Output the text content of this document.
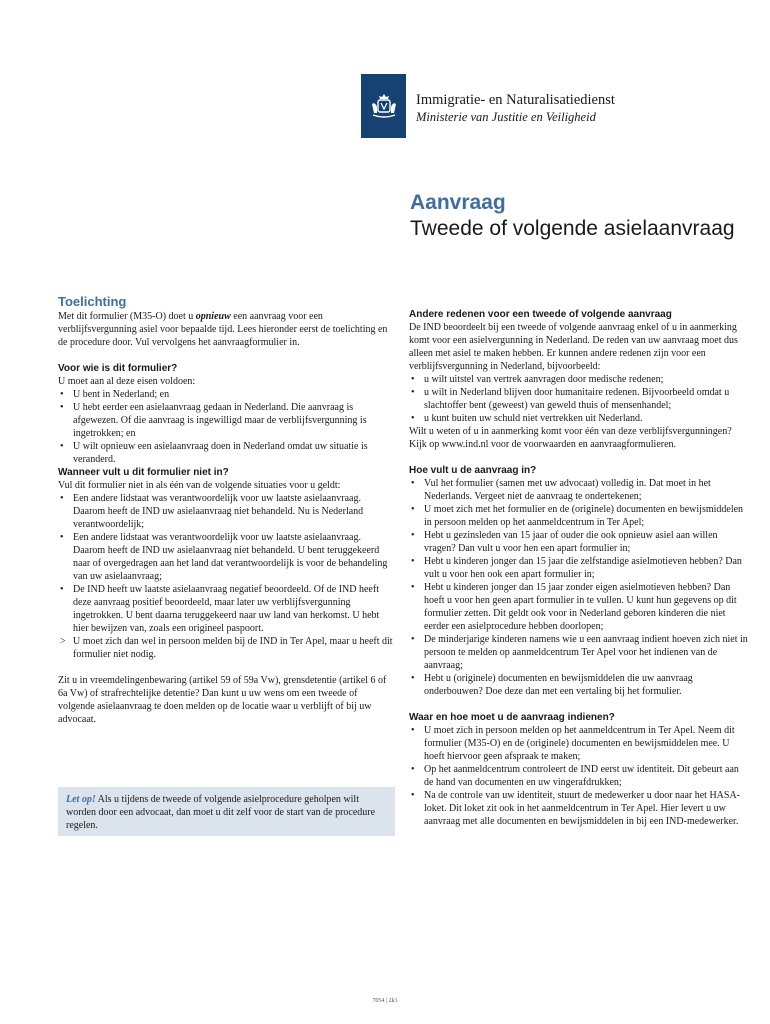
Immigratie- en Naturalisatiedienst
Ministerie van Justitie en Veiligheid
Aanvraag
Tweede of volgende asielaanvraag
Toelichting

Met dit formulier (M35-O) doet u opnieuw een aanvraag voor een verblijfsvergunning asiel voor bepaalde tijd. Lees hieronder eerst de toelichting en de procedure door. Vul vervolgens het aanvraagformulier in.

Voor wie is dit formulier?

U moet aan al deze eisen voldoen:

• U bent in Nederland; en
• U hebt eerder een asielaanvraag gedaan in Nederland. Die aanvraag is afgewezen. Of die aanvraag is ingewilligd maar de verblijfsvergunning is ingetrokken; en
• U wilt opnieuw een asielaanvraag doen in Nederland omdat uw situatie is veranderd.
Wanneer vult u dit formulier niet in?

Vul dit formulier niet in als één van de volgende situaties voor u geldt:

• Een andere lidstaat was verantwoordelijk voor uw laatste asielaanvraag. Daarom heeft de IND uw asielaanvraag niet behandeld. Nu is Nederland verantwoordelijk;
• Een andere lidstaat was verantwoordelijk voor uw laatste asielaanvraag. Daarom heeft de IND uw asielaanvraag niet behandeld. U bent teruggekeerd naar of overgedragen aan het land dat verantwoordelijk is voor de behandeling van uw asielaanvraag;
• De IND heeft uw laatste asielaanvraag negatief beoordeeld. Of de IND heeft deze aanvraag positief beoordeeld, maar later uw verblijfsvergunning ingetrokken. U bent daarna teruggekeerd naar uw land van herkomst. U hebt hier bewijzen van, zoals een origineel paspoort.
> U moet zich dan wel in persoon melden bij de IND in Ter Apel, maar u heeft dit formulier niet nodig.

Zit u in vreemdelingenbewaring (artikel 59 of 59a Vw), grensdetentie (artikel 6 of 6a Vw) of strafrechtelijke detentie? Dan kunt u uw wens om een tweede of volgende asielaanvraag te doen melden op de locatie waar u verblijft of bij uw advocaat.

Let op! Als u tijdens de tweede of volgende asielprocedure geholpen wilt worden door een advocaat, dan moet u dit zelf voor de start van de procedure regelen.
Andere redenen voor een tweede of volgende aanvraag

De IND beoordeelt bij een tweede of volgende aanvraag enkel of u in aanmerking komt voor een asielvergunning in Nederland. De reden van uw aanvraag moet dus alleen met asiel te maken hebben. Er kunnen andere redenen zijn voor een verblijfsvergunning in Nederland, bijvoorbeeld:

• u wilt uitstel van vertrek aanvragen door medische redenen;
• u wilt in Nederland blijven door humanitaire redenen. Bijvoorbeeld omdat u slachtoffer bent (geweest) van geweld thuis of mensenhandel;
• u kunt buiten uw schuld niet vertrekken uit Nederland.

Wilt u weten of u in aanmerking komt voor één van deze verblijfsvergunningen? Kijk op www.ind.nl voor de voorwaarden en aanvraagformulieren.

Hoe vult u de aanvraag in?
• Vul het formulier (samen met uw advocaat) volledig in. Dat moet in het Nederlands. Vergeet niet de aanvraag te ondertekenen;
• U moet zich met het formulier en de (originele) documenten en bewijsmiddelen in persoon melden op het aanmeldcentrum in Ter Apel;
• Hebt u gezinsleden van 15 jaar of ouder die ook opnieuw asiel aan willen vragen? Dan vult u voor hen een apart formulier in;
• Hebt u kinderen jonger dan 15 jaar die zelfstandige asielmotieven hebben? Dan vult u voor hen ook een apart formulier in;
• Hebt u kinderen jonger dan 15 jaar zonder eigen asielmotieven hebben? Dan hoeft u voor hen geen apart formulier in te vullen. U kunt hun gegevens op dit formulier zetten. Dit geldt ook voor in Nederland geboren kinderen die niet eerder een asielprocedure hebben doorlopen;
• De minderjarige kinderen namens wie u een aanvraag indient hoeven zich niet in persoon te melden op aanmeldcentrum Ter Apel voor het indienen van de aanvraag;
• Hebt u (originele) documenten en bewijsmiddelen die uw aanvraag onderbouwen? Doe deze dan met een vertaling bij het formulier.
Waar en hoe moet u de aanvraag indienen?
• U moet zich in persoon melden op het aanmeldcentrum in Ter Apel. Neem dit formulier (M35-O) en de (originele) documenten en bewijsmiddelen mee. U hoeft hiervoor geen afspraak te maken;
• Op het aanmeldcentrum controleert de IND eerst uw identiteit. Dit gebeurt aan de hand van documenten en uw vingerafdrukken;
• Na de controle van uw identiteit, stuurt de medewerker u door naar het HASA-loket. Dit loket zit ook in het aanmeldcentrum in Ter Apel. Hier levert u uw aanvraag met alle documenten en bewijsmiddelen in bij een IND-medewerker.
7054 | 2k1
